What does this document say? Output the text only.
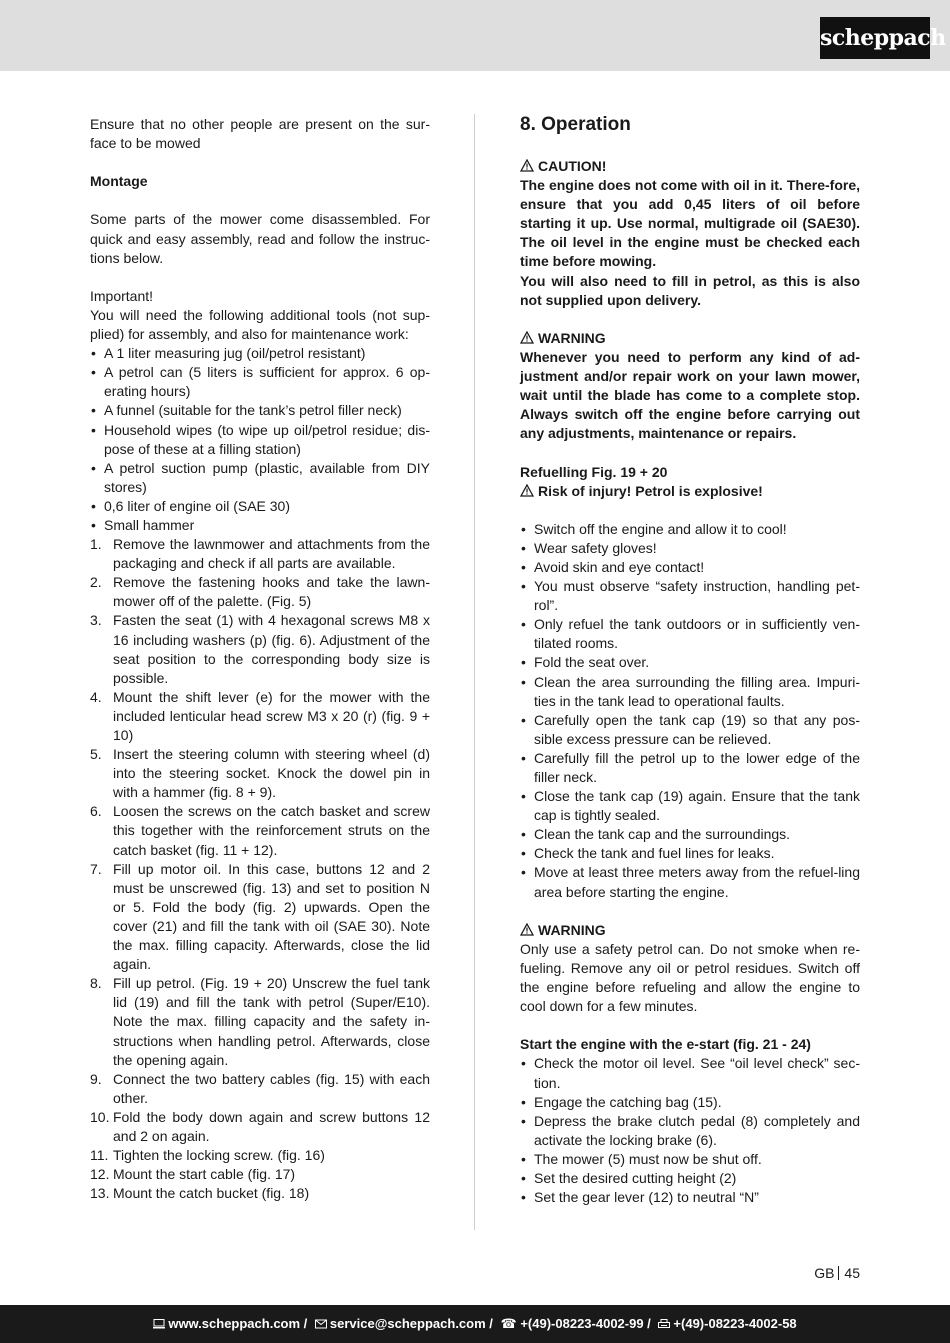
scheppach

Ensure that no other people are present on the sur-face to be mowed

Montage

Some parts of the mower come disassembled. For quick and easy assembly, read and follow the instruc-tions below.

Important!

You will need the following additional tools (not sup-plied) for assembly, and also for maintenance work:

• A 1 liter measuring jug (oil/petrol resistant)
• A petrol can (5 liters is sufficient for approx. 6 op-erating hours)
• A funnel (suitable for the tank’s petrol filler neck)
• Household wipes (to wipe up oil/petrol residue; dis-pose of these at a filling station)
• A petrol suction pump (plastic, available from DIY stores)
• 0,6 liter of engine oil (SAE 30)
• Small hammer
1. Remove the lawnmower and attachments from the packaging and check if all parts are available.
2. Remove the fastening hooks and take the lawn-mower off of the palette. (Fig. 5)
3. Fasten the seat (1) with 4 hexagonal screws M8 x 16 including washers (p) (fig. 6). Adjustment of the seat position to the corresponding body size is possible.
4. Mount the shift lever (e) for the mower with the included lenticular head screw M3 x 20 (r) (fig. 9 + 10)
5. Insert the steering column with steering wheel (d) into the steering socket. Knock the dowel pin in with a hammer (fig. 8 + 9).
6. Loosen the screws on the catch basket and screw this together with the reinforcement struts on the catch basket (fig. 11 + 12).
7. Fill up motor oil. In this case, buttons 12 and 2 must be unscrewed (fig. 13) and set to position N or 5. Fold the body (fig. 2) upwards. Open the cover (21) and fill the tank with oil (SAE 30). Note the max. filling capacity. Afterwards, close the lid again.
8. Fill up petrol. (Fig. 19 + 20) Unscrew the fuel tank lid (19) and fill the tank with petrol (Super/E10). Note the max. filling capacity and the safety in-structions when handling petrol. Afterwards, close the opening again.
9. Connect the two battery cables (fig. 15) with each other.
10. Fold the body down again and screw buttons 12 and 2 on again.
11. Tighten the locking screw. (fig. 16)
12. Mount the start cable (fig. 17)
13. Mount the catch bucket (fig. 18)
8. Operation

CAUTION!

The engine does not come with oil in it. There-fore, ensure that you add 0,45 liters of oil before starting it up. Use normal, multigrade oil (SAE30). The oil level in the engine must be checked each time before mowing.

You will also need to fill in petrol, as this is also not supplied upon delivery.

WARNING

Whenever you need to perform any kind of ad-justment and/or repair work on your lawn mower, wait until the blade has come to a complete stop. Always switch off the engine before carrying out any adjustments, maintenance or repairs.

Refuelling Fig. 19 + 20

Risk of injury! Petrol is explosive!

• Switch off the engine and allow it to cool!
• Wear safety gloves!
• Avoid skin and eye contact!
• You must observe “safety instruction, handling pet-rol”.
• Only refuel the tank outdoors or in sufficiently ven-tilated rooms.
• Fold the seat over.
• Clean the area surrounding the filling area. Impuri-ties in the tank lead to operational faults.
• Carefully open the tank cap (19) so that any pos-sible excess pressure can be relieved.
• Carefully fill the petrol up to the lower edge of the filler neck.
• Close the tank cap (19) again. Ensure that the tank cap is tightly sealed.
• Clean the tank cap and the surroundings.
• Check the tank and fuel lines for leaks.
• Move at least three meters away from the refuel-ling area before starting the engine.

WARNING

Only use a safety petrol can. Do not smoke when re-fueling. Remove any oil or petrol residues. Switch off the engine before refueling and allow the engine to cool down for a few minutes.

Start the engine with the e-start (fig. 21 - 24)

• Check the motor oil level. See “oil level check” sec-tion.
• Engage the catching bag (15).
• Depress the brake clutch pedal (8) completely and activate the locking brake (6).
• The mower (5) must now be shut off.
• Set the desired cutting height (2)
• Set the gear lever (12) to neutral “N”
GB 45
www.scheppach.com / service@scheppach.com / ☎ +(49)-08223-4002-99 / +(49)-08223-4002-58
